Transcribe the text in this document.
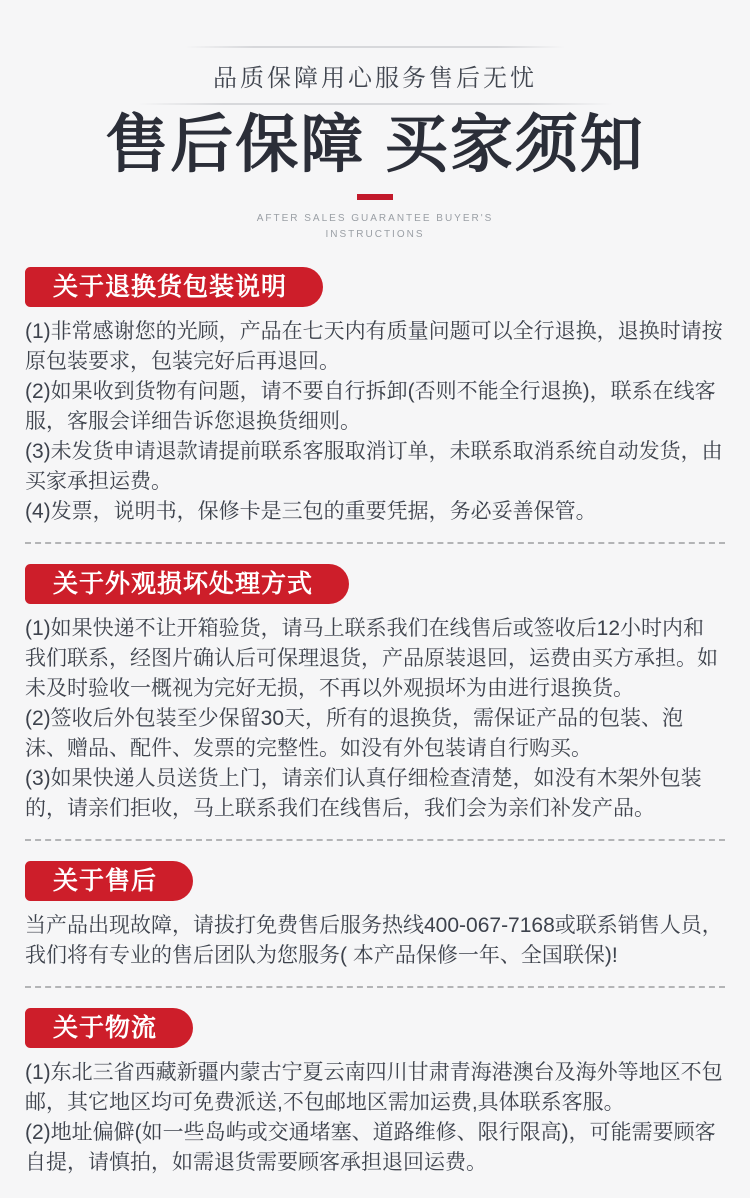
品质保障用心服务售后无忧
售后保障 买家须知
AFTER SALES GUARANTEE BUYER'S
INSTRUCTIONS
关于退换货包装说明

(1)非常感谢您的光顾，产品在七天内有质量问题可以全行退换，退换时请按原包装要求，包装完好后再退回。

(2)如果收到货物有问题，请不要自行拆卸(否则不能全行退换)，联系在线客服，客服会详细告诉您退换货细则。

(3)未发货申请退款请提前联系客服取消订单，未联系取消系统自动发货，由买家承担运费。

(4)发票，说明书，保修卡是三包的重要凭据，务必妥善保管。

关于外观损坏处理方式

(1)如果快递不让开箱验货，请马上联系我们在线售后或签收后12小时内和我们联系，经图片确认后可保理退货，产品原装退回，运费由买方承担。如未及时验收一概视为完好无损，不再以外观损坏为由进行退换货。

(2)签收后外包装至少保留30天，所有的退换货，需保证产品的包装、泡沫、赠品、配件、发票的完整性。如没有外包装请自行购买。

(3)如果快递人员送货上门，请亲们认真仔细检查清楚，如没有木架外包装的，请亲们拒收，马上联系我们在线售后，我们会为亲们补发产品。

关于售后

当产品出现故障，请拔打免费售后服务热线400-067-7168或联系销售人员，我们将有专业的售后团队为您服务( 本产品保修一年、全国联保)!

关于物流

(1)东北三省西藏新疆内蒙古宁夏云南四川甘肃青海港澳台及海外等地区不包邮，其它地区均可免费派送,不包邮地区需加运费,具体联系客服。

(2)地址偏僻(如一些岛屿或交通堵塞、道路维修、限行限高)，可能需要顾客自提，请慎拍，如需退货需要顾客承担退回运费。
